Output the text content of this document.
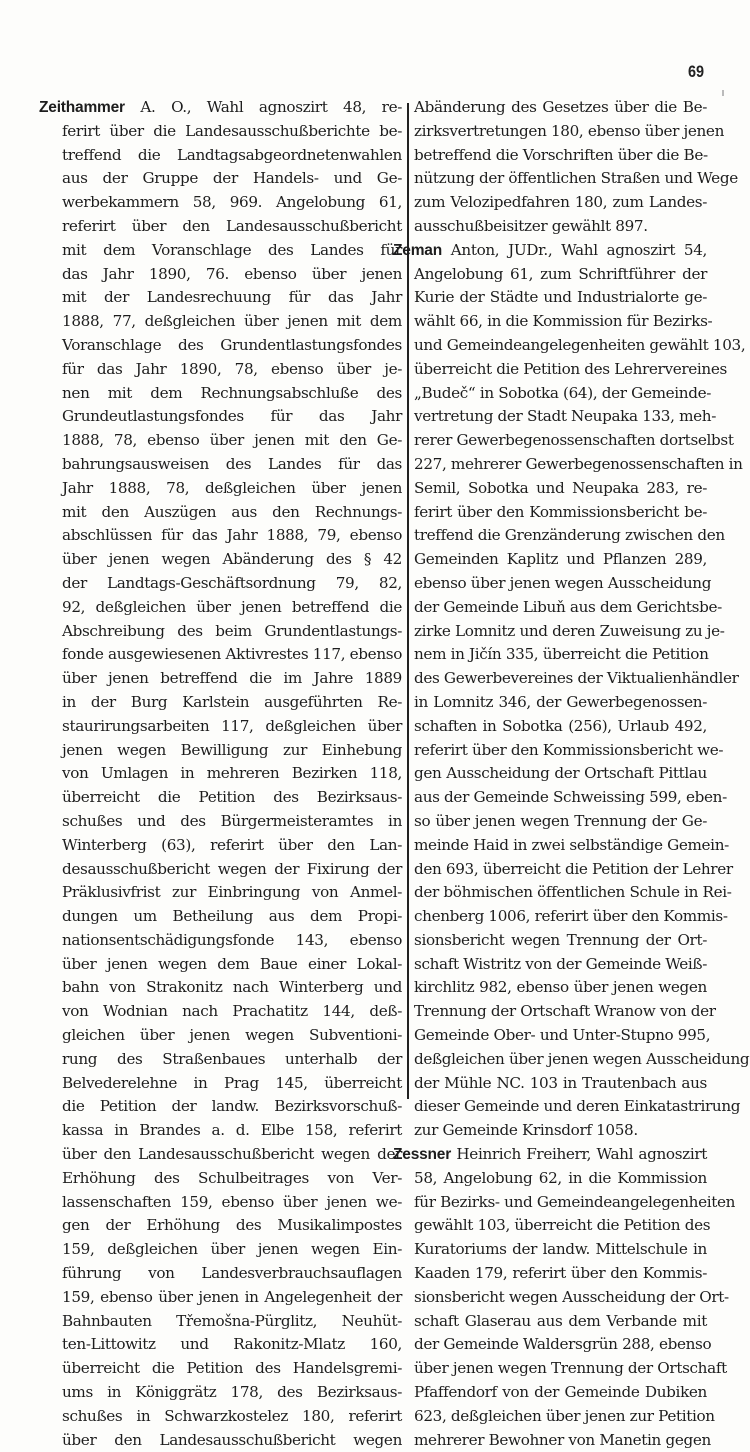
69
Zeithammer A. O., Wahl agnoszirt 48, re-
ferirt über die Landesausschußberichte be-
treffend die Landtagsabgeordnetenwahlen
aus der Gruppe der Handels- und Ge-
werbekammern 58, 969. Angelobung 61,
referirt über den Landesausschußbericht
mit dem Voranschlage des Landes für
das Jahr 1890, 76. ebenso über jenen
mit der Landesrechuung für das Jahr
1888, 77, deßgleichen über jenen mit dem
Voranschlage des Grundentlastungsfondes
für das Jahr 1890, 78, ebenso über je-
nen mit dem Rechnungsabschluße des
Grundeutlastungsfondes für das Jahr
1888, 78, ebenso über jenen mit den Ge-
bahrungsausweisen des Landes für das
Jahr 1888, 78, deßgleichen über jenen
mit den Auszügen aus den Rechnungs-
abschlüssen für das Jahr 1888, 79, ebenso
über jenen wegen Abänderung des § 42
der Landtags-Geschäftsordnung 79, 82,
92, deßgleichen über jenen betreffend die
Abschreibung des beim Grundentlastungs-
fonde ausgewiesenen Aktivrestes 117, ebenso
über jenen betreffend die im Jahre 1889
in der Burg Karlstein ausgeführten Re-
staurirungsarbeiten 117, deßgleichen über
jenen wegen Bewilligung zur Einhebung
von Umlagen in mehreren Bezirken 118,
überreicht die Petition des Bezirksaus-
schußes und des Bürgermeisteramtes in
Winterberg (63), referirt über den Lan-
desausschußbericht wegen der Fixirung der
Präklusivfrist zur Einbringung von Anmel-
dungen um Betheilung aus dem Propi-
nationsentschädigungsfonde 143, ebenso
über jenen wegen dem Baue einer Lokal-
bahn von Strakonitz nach Winterberg und
von Wodnian nach Prachatitz 144, deß-
gleichen über jenen wegen Subventioni-
rung des Straßenbaues unterhalb der
Belvederelehne in Prag 145, überreicht
die Petition der landw. Bezirksvorschuß-
kassa in Brandes a. d. Elbe 158, referirt
über den Landesausschußbericht wegen der
Erhöhung des Schulbeitrages von Ver-
lassenschaften 159, ebenso über jenen we-
gen der Erhöhung des Musikalimpostes
159, deßgleichen über jenen wegen Ein-
führung von Landesverbrauchsauflagen
159, ebenso über jenen in Angelegenheit der
Bahnbauten Třemošna-Pürglitz, Neuhüt-
ten-Littowitz und Rakonitz-Mlatz 160,
überreicht die Petition des Handelsgremi-
ums in Königgrätz 178, des Bezirksaus-
schußes in Schwarzkostelez 180, referirt
über den Landesausschußbericht wegen
Abänderung des Gesetzes über die Be-
zirksvertretungen 180, ebenso über jenen
betreffend die Vorschriften über die Be-
nützung der öffentlichen Straßen und Wege
zum Velozipedfahren 180, zum Landes-
ausschußbeisitzer gewählt 897.
Zeman Anton, JUDr., Wahl agnoszirt 54,
Angelobung 61, zum Schriftführer der
Kurie der Städte und Industrialorte ge-
wählt 66, in die Kommission für Bezirks-
und Gemeindeangelegenheiten gewählt 103,
überreicht die Petition des Lehrervereines
„Budeč“ in Sobotka (64), der Gemeinde-
vertretung der Stadt Neupaka 133, meh-
rerer Gewerbegenossenschaften dortselbst
227, mehrerer Gewerbegenossenschaften in
Semil, Sobotka und Neupaka 283, re-
ferirt über den Kommissionsbericht be-
treffend die Grenzänderung zwischen den
Gemeinden Kaplitz und Pflanzen 289,
ebenso über jenen wegen Ausscheidung
der Gemeinde Libuň aus dem Gerichtsbe-
zirke Lomnitz und deren Zuweisung zu je-
nem in Jičín 335, überreicht die Petition
des Gewerbevereines der Viktualienhändler
in Lomnitz 346, der Gewerbegenossen-
schaften in Sobotka (256), Urlaub 492,
referirt über den Kommissionsbericht we-
gen Ausscheidung der Ortschaft Pittlau
aus der Gemeinde Schweissing 599, eben-
so über jenen wegen Trennung der Ge-
meinde Haid in zwei selbständige Gemein-
den 693, überreicht die Petition der Lehrer
der böhmischen öffentlichen Schule in Rei-
chenberg 1006, referirt über den Kommis-
sionsbericht wegen Trennung der Ort-
schaft Wistritz von der Gemeinde Weiß-
kirchlitz 982, ebenso über jenen wegen
Trennung der Ortschaft Wranow von der
Gemeinde Ober- und Unter-Stupno 995,
deßgleichen über jenen wegen Ausscheidung
der Mühle NC. 103 in Trautenbach aus
dieser Gemeinde und deren Einkatastrirung
zur Gemeinde Krinsdorf 1058.
Zessner Heinrich Freiherr, Wahl agnoszirt
58, Angelobung 62, in die Kommission
für Bezirks- und Gemeindeangelegenheiten
gewählt 103, überreicht die Petition des
Kuratoriums der landw. Mittelschule in
Kaaden 179, referirt über den Kommis-
sionsbericht wegen Ausscheidung der Ort-
schaft Glaserau aus dem Verbande mit
der Gemeinde Waldersgrün 288, ebenso
über jenen wegen Trennung der Ortschaft
Pfaffendorf von der Gemeinde Dubiken
623, deßgleichen über jenen zur Petition
mehrerer Bewohner von Manetin gegen
